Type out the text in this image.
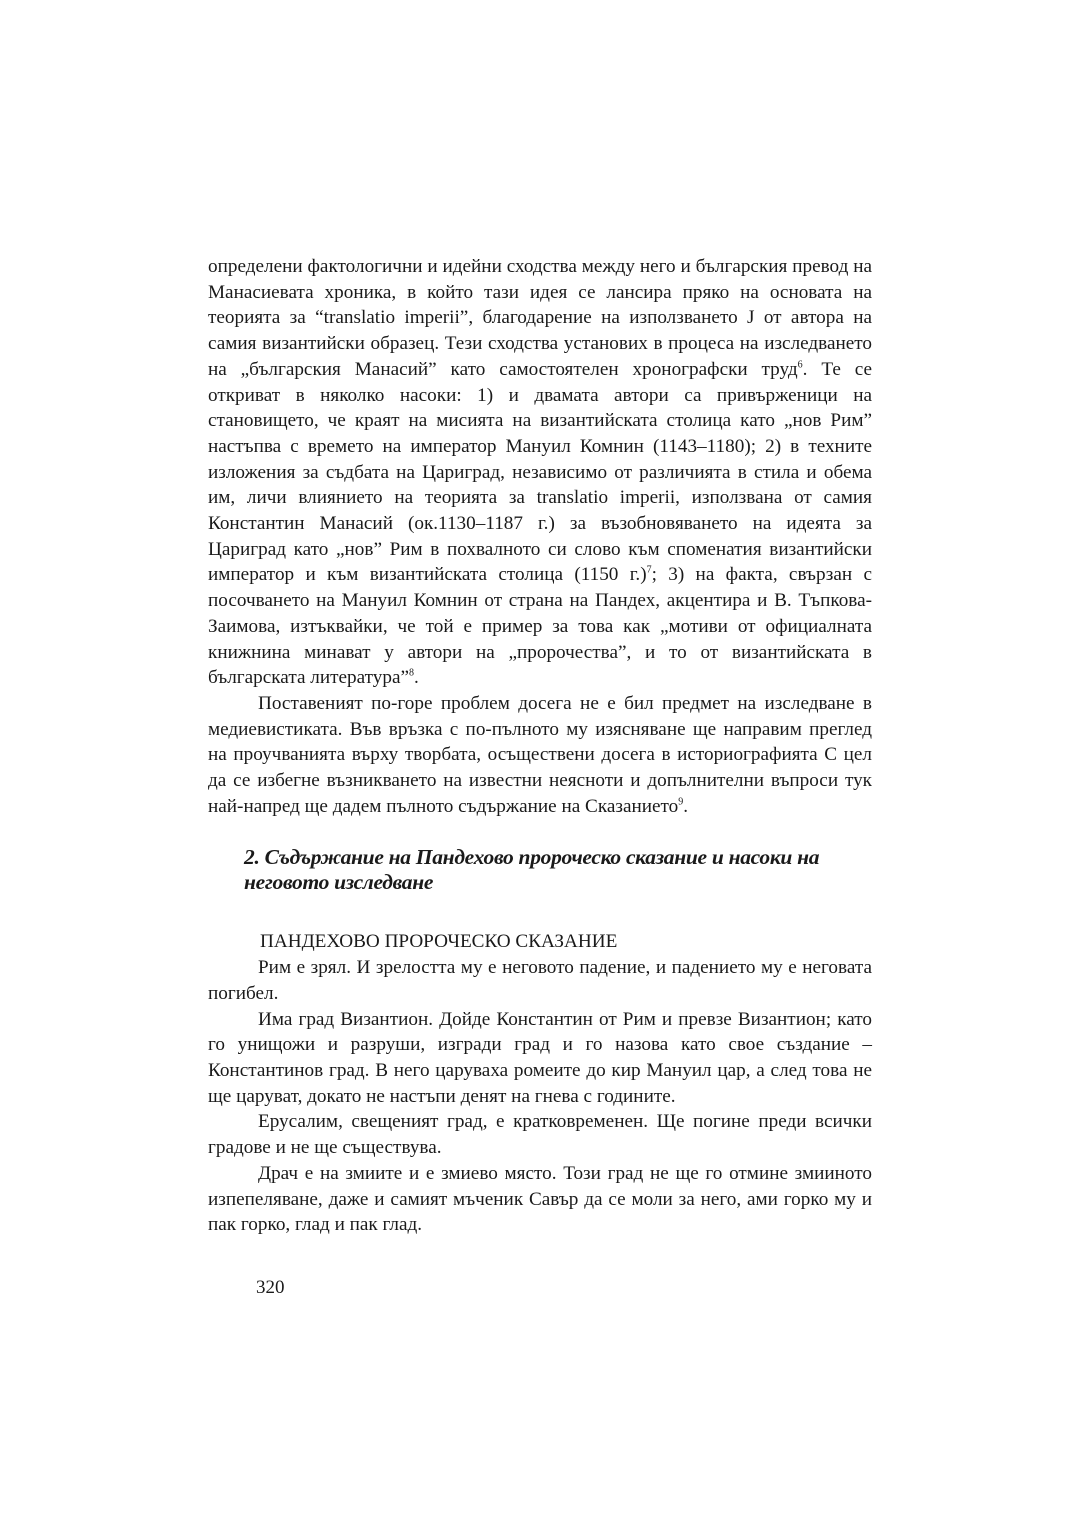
определени фактологични и идейни сходства между него и българския превод на Манасиевата хроника, в който тази идея се лансира пряко на основата на теорията за “translatio imperii”, благодарение на използването Ј от автора на самия византийски образец. Тези сходства установих в процеса на изследването на „българския Манасий” като самостоятелен хронографски труд$^6$. Те се откриват в няколко насоки: 1) и двамата автори са привърженици на становището, че краят на мисията на византийската столица като „нов Рим” настъпва с времето на император Мануил Комнин (1143–1180); 2) в техните изложения за съдбата на Цариград, независимо от различията в стила и обема им, личи влиянието на теорията за translatio imperii, използвана от самия Константин Манасий (ок.1130–1187 г.) за възобновяването на идеята за Цариград като „нов” Рим в похвалното си слово към споменатия византийски император и към византийската столица (1150 г.)$^7$; 3) на факта, свързан с посочването на Мануил Комнин от страна на Пандех, акцентира и В. Тъпкова-Заимова, изтъквайки, че той е пример за това как „мотиви от официалната книжнина минават у автори на „пророчества”, и то от византийската в българската литература”$^8$.

Поставеният по-горе проблем досега не е бил предмет на изследване в медиевистиката. Във връзка с по-пълното му изясняване ще направим преглед на проучванията върху творбата, осъществени досега в историографията С цел да се избегне възникването на известни неясноти и допълнителни въпроси тук най-напред ще дадем пълното съдържание на Сказанието$^9$.

2. Съдържание на Пандехово пророческо сказание и насоки на неговото изследване

ПАНДЕХОВО ПРОРОЧЕСКО СКАЗАНИЕ

Рим е зрял. И зрелостта му е неговото падение, и падението му е неговата погибел.

Има град Византион. Дойде Константин от Рим и превзе Византион; като го унищожи и разруши, изгради град и го назова като свое създание – Константинов град. В него царуваха ромеите до кир Мануил цар, а след това не ще царуват, докато не настъпи денят на гнева с годините.

Ерусалим, свещеният град, е кратковременен. Ще погине преди всички градове и не ще съществува.

Драч е на змиите и е змиево място. Този град не ще го отмине змииното изпепеляване, даже и самият мъченик Савър да се моли за него, ами горко му и пак горко, глад и пак глад.

320
